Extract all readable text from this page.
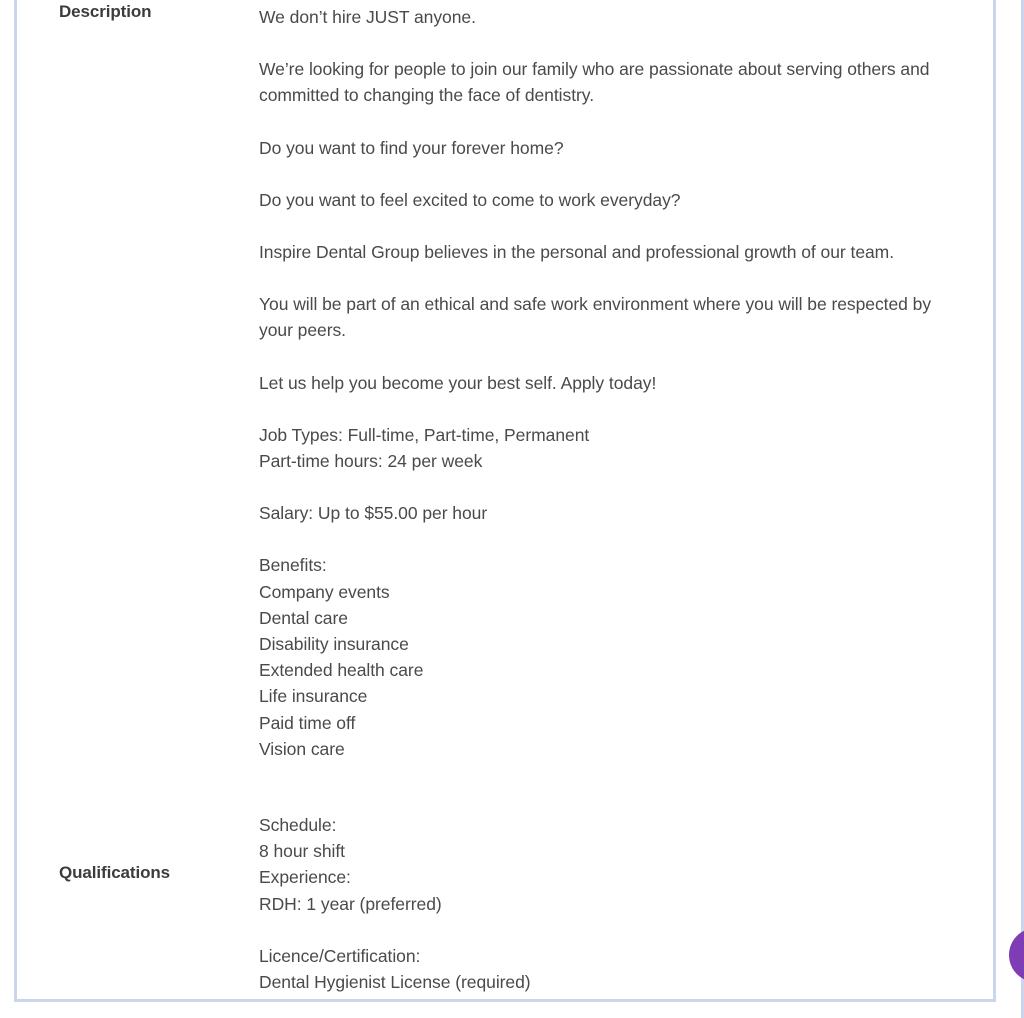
Description	We don’t hire JUST anyone.

We’re looking for people to join our family who are passionate about serving others and committed to changing the face of dentistry.

Do you want to find your forever home?

Do you want to feel excited to come to work everyday?

Inspire Dental Group believes in the personal and professional growth of our team.

You will be part of an ethical and safe work environment where you will be respected by your peers.

Let us help you become your best self. Apply today!

Job Types: Full-time, Part-time, Permanent

Part-time hours: 24 per week

Salary: Up to $55.00 per hour

Benefits:

Company events

Dental care

Disability insurance

Extended health care

Life insurance

Paid time off

Vision care

Qualifications

Schedule:

8 hour shift

Experience:

RDH: 1 year (preferred)

Licence/Certification:

Dental Hygienist License (required)
